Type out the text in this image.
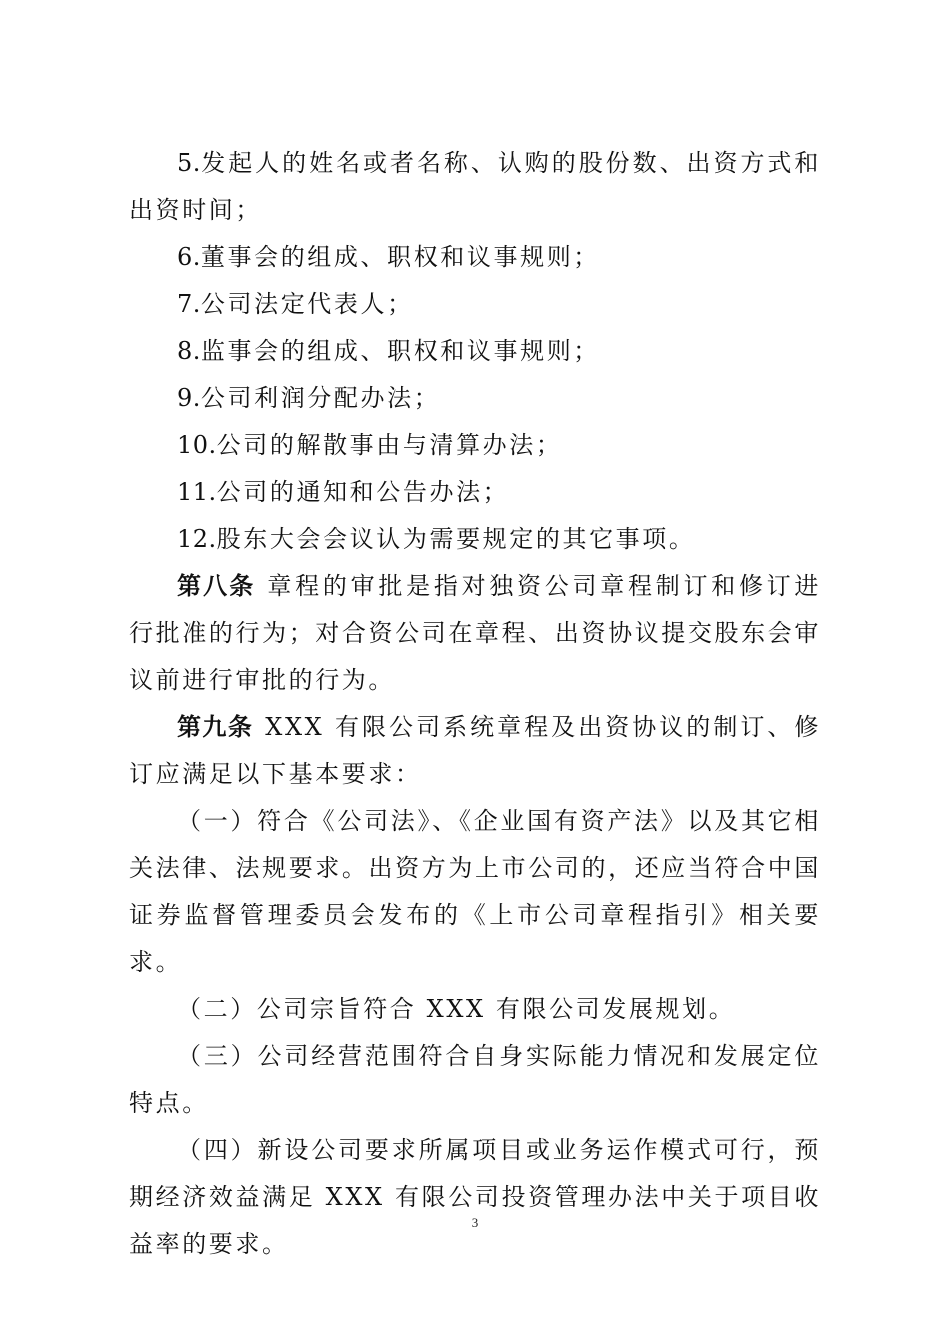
5.发起人的姓名或者名称、认购的股份数、出资方式和出资时间；

6.董事会的组成、职权和议事规则；

7.公司法定代表人；

8.监事会的组成、职权和议事规则；

9.公司利润分配办法；

10.公司的解散事由与清算办法；

11.公司的通知和公告办法；

12.股东大会会议认为需要规定的其它事项。

第八条 章程的审批是指对独资公司章程制订和修订进行批准的行为；对合资公司在章程、出资协议提交股东会审议前进行审批的行为。

第九条 XXX 有限公司系统章程及出资协议的制订、修订应满足以下基本要求：

（一）符合《公司法》、《企业国有资产法》以及其它相关法律、法规要求。出资方为上市公司的，还应当符合中国证券监督管理委员会发布的《上市公司章程指引》相关要求。

（二）公司宗旨符合 XXX 有限公司发展规划。

（三）公司经营范围符合自身实际能力情况和发展定位特点。

（四）新设公司要求所属项目或业务运作模式可行，预期经济效益满足 XXX 有限公司投资管理办法中关于项目收益率的要求。

3
